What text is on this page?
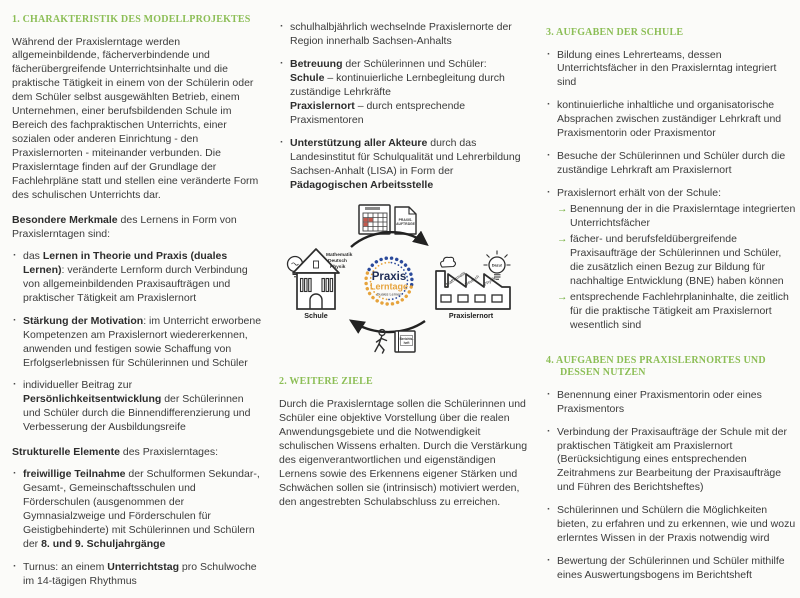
1. CHARAKTERISTIK DES MODELLPROJEKTES

Während der Praxislerntage werden allgemeinbildende, fächerverbindende und fächerübergreifende Unterrichtsinhalte und die praktische Tätigkeit in einem von der Schülerin oder dem Schüler selbst ausgewählten Betrieb, einem Unternehmen, einer berufsbildenden Schule im Bereich des fachpraktischen Unterrichts, einer sozialen oder anderen Einrichtung - den Praxislernorten - miteinander verbunden. Die Praxislerntage finden auf der Grundlage der Fachlehrpläne statt und stellen eine veränderte Form des schulischen Unterrichts dar.

Besondere Merkmale des Lernens in Form von Praxislerntagen sind:

·
das Lernen in Theorie und Praxis (duales Lernen): veränderte Lernform durch Verbindung von allgemeinbildenden Praxisaufträgen und praktischer Tätigkeit am Praxislernort
·
Stärkung der Motivation: im Unterricht erworbene Kompetenzen am Praxislernort wiedererkennen, anwenden und festigen sowie Schaffung von Erfolgserlebnissen für Schülerinnen und Schüler
·
individueller Beitrag zur Persönlichkeitsentwicklung der Schülerinnen und Schüler durch die Binnendifferenzierung und Verbesserung der Ausbildungsreife

Strukturelle Elemente des Praxislerntages:

·
freiwillige Teilnahme der Schulformen Sekundar-, Gesamt-, Gemeinschaftsschulen und Förderschulen (ausgenommen der Gymnasialzweige und Förderschulen für Geistigbehinderte) mit Schülerinnen und Schülern der 8. und 9. Schuljahrgänge
·
Turnus: an einem Unterrichtstag pro Schulwoche im 14-tägigen Rhythmus
·
schulhalbjährlich wechselnde Praxislernorte der Region innerhalb Sachsen-Anhalts
·
Betreuung der Schülerinnen und Schüler:
Schule – kontinuierliche Lernbegleitung durch zuständige Lehrkräfte
Praxislernort – durch entsprechende Praxismentoren
·
Unterstützung aller Akteure durch das Landesinstitut für Schulqualität und Lehrerbildung Sachsen-Anhalt (LISA) in Form der Pädagogischen Arbeitsstelle
PRAXIS-AUFTRÄGE
Mathematik
Deutsch
Physik
Schule
Praxis
Lerntage
Duales Lernen
Mathematik
Deutsch Physik
Dazu!
Praxislernort
Berichts-heft
2. WEITERE ZIELE

Durch die Praxislerntage sollen die Schülerinnen und Schüler eine objektive Vorstellung über die realen Anwendungsgebiete und die Notwendigkeit schulischen Wissens erhalten. Durch die Verstärkung des eigenverantwortlichen und eigenständigen Lernens sowie des Erkennens eigener Stärken und Schwächen sollen sie (intrinsisch) motiviert werden, den angestrebten Schulabschluss zu erreichen.

3. AUFGABEN DER SCHULE
·
Bildung eines Lehrerteams, dessen Unterrichtsfächer in den Praxislerntag integriert sind
·
kontinuierliche inhaltliche und organisatorische Absprachen zwischen zuständiger Lehrkraft und Praxismentorin oder Praxismentor
·
Besuche der Schülerinnen und Schüler durch die zuständige Lehrkraft am Praxislernort
·
Praxislernort erhält von der Schule:
→
Benennung der in die Praxislerntage integrierten Unterrichtsfächer
→
fächer- und berufsfeldübergreifende Praxisaufträge der Schülerinnen und Schüler, die zusätzlich einen Bezug zur Bildung für nachhaltige Entwicklung (BNE) haben können
→
entsprechende Fachlehrplaninhalte, die zeitlich für die praktische Tätigkeit am Praxislernort wesentlich sind
4. AUFGABEN DES PRAXISLERNORTES UND DESSEN NUTZEN
·
Benennung einer Praxismentorin oder eines Praxismentors
·
Verbindung der Praxisaufträge der Schule mit der praktischen Tätigkeit am Praxislernort (Berücksichtigung eines entsprechenden Zeitrahmens zur Bearbeitung der Praxisaufträge und Führen des Berichtsheftes)
·
Schülerinnen und Schülern die Möglichkeiten bieten, zu erfahren und zu erkennen, wie und wozu erlerntes Wissen in der Praxis notwendig wird
·
Bewertung der Schülerinnen und Schüler mithilfe eines Auswertungsbogens im Berichtsheft
